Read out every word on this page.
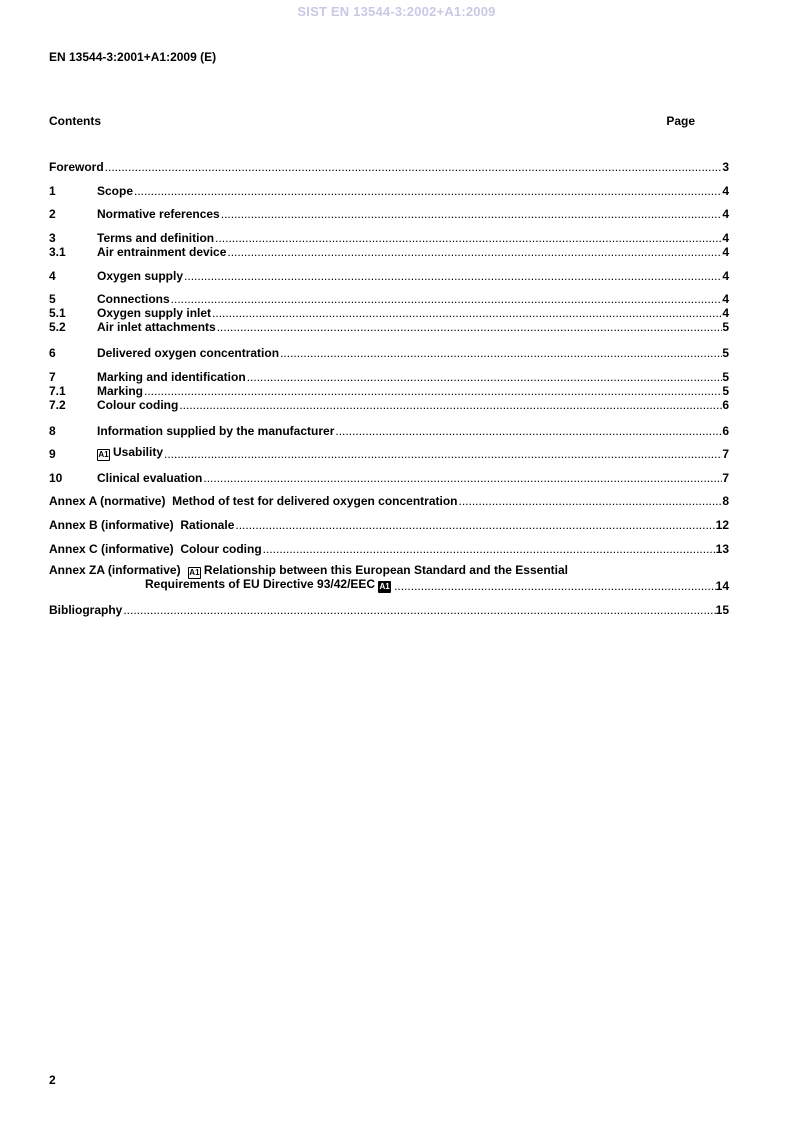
SIST EN 13544-3:2002+A1:2009
EN 13544-3:2001+A1:2009 (E)
Contents	Page
Foreword .....	3
1	Scope .....	4
2	Normative references .....	4
3	Terms and definition .....	4
3.1	Air entrainment device .....	4
4	Oxygen supply .....	4
5	Connections .....	4
5.1	Oxygen supply inlet .....	4
5.2	Air inlet attachments .....	5
6	Delivered oxygen concentration .....	5
7	Marking and identification .....	5
7.1	Marking .....	5
7.2	Colour coding .....	6
8	Information supplied by the manufacturer .....	6
9	A1 Usability .....	7
10	Clinical evaluation .....	7
Annex A (normative)  Method of test for delivered oxygen concentration .....	8
Annex B (informative)  Rationale .....	12
Annex C (informative)  Colour coding .....	13
Annex ZA (informative) A1 Relationship between this European Standard and the Essential
Requirements of EU Directive 93/42/EEC A1 .....	14
Bibliography .....	15
2
